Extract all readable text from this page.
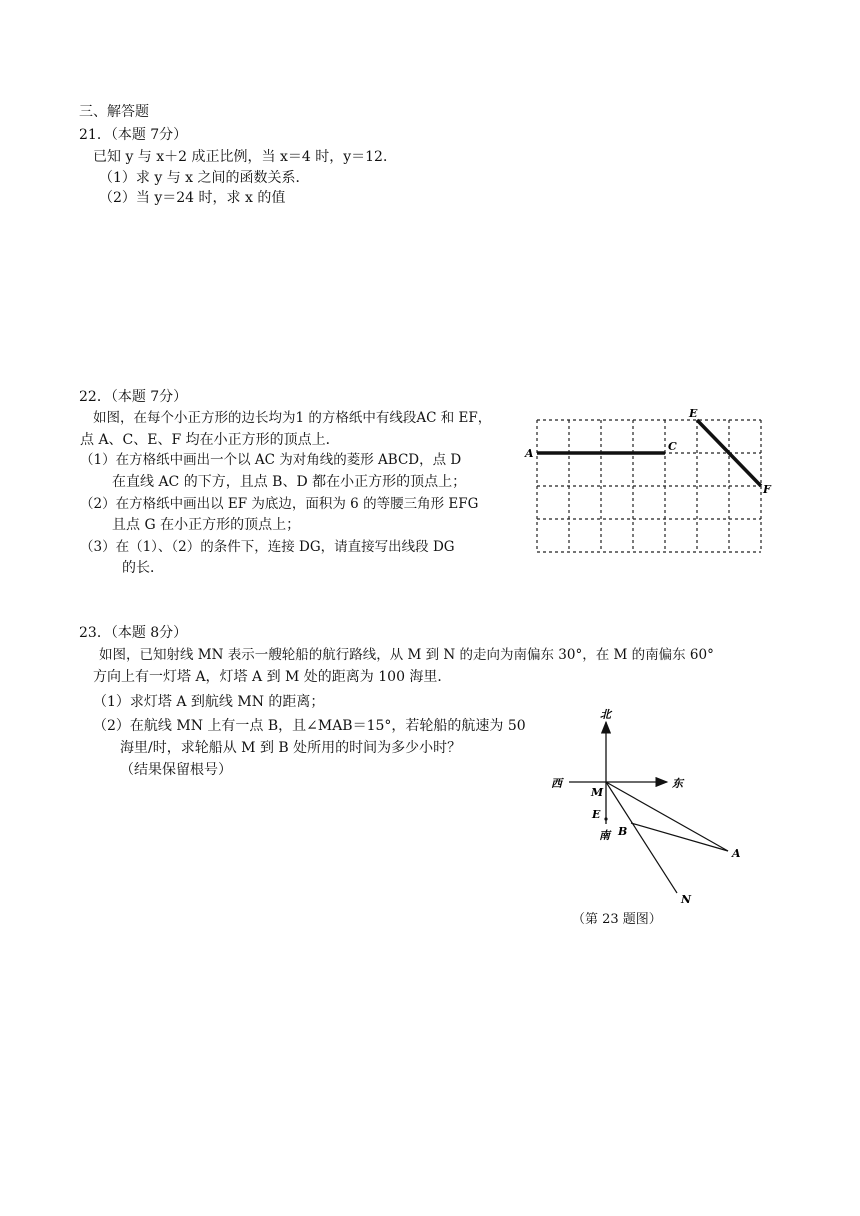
三、解答题
21．（本题 7分）
已知 y 与 x＋2 成正比例，当 x＝4 时，y＝12．
（1）求 y 与 x 之间的函数关系．
（2）当 y＝24 时，求 x 的值
22．（本题 7分）
如图，在每个小正方形的边长均为1 的方格纸中有线段AC 和 EF，
点 A、C、E、F 均在小正方形的顶点上．
（1）在方格纸中画出一个以 AC 为对角线的菱形 ABCD，点 D
在直线 AC 的下方，且点 B、D 都在小正方形的顶点上；
（2）在方格纸中画出以 EF 为底边，面积为 6 的等腰三角形 EFG
且点 G 在小正方形的顶点上；
（3）在（1）、（2）的条件下，连接 DG，请直接写出线段 DG
的长．
A
C
E
F
23．（本题 8分）
如图，已知射线 MN 表示一艘轮船的航行路线，从 M 到 N 的走向为南偏东 30°，在 M 的南偏东 60°
方向上有一灯塔 A，灯塔 A 到 M 处的距离为 100 海里．
（1）求灯塔 A 到航线 MN 的距离；
（2）在航线 MN 上有一点 B，且∠MAB＝15°，若轮船的航速为 50
海里/时，求轮船从 M 到 B 处所用的时间为多少小时？
（结果保留根号）
北
东
西
南
M
E
B
A
N
（第 23 题图）
